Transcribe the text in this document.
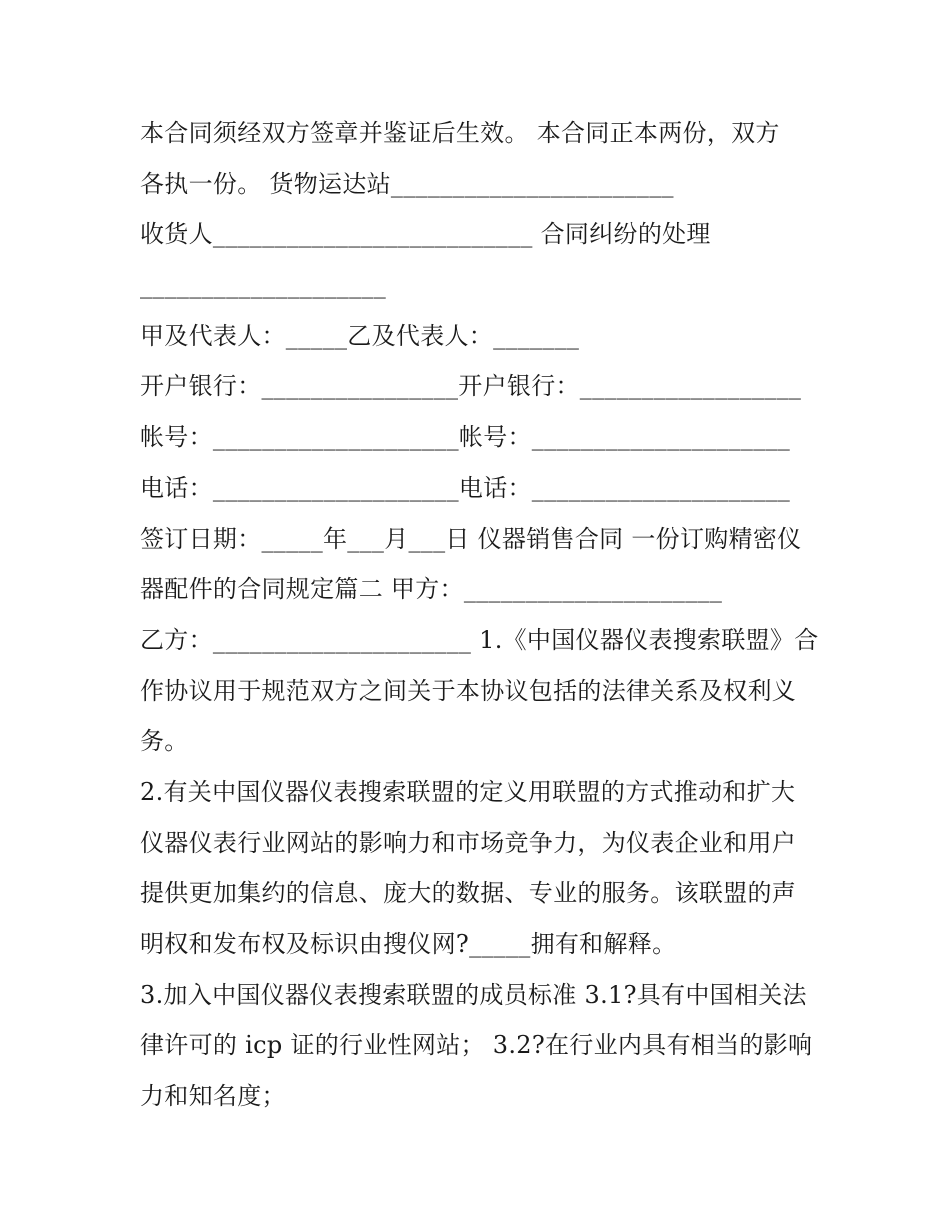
本合同须经双方签章并鉴证后生效。 本合同正本两份，双方
各执一份。 货物运达站_______________________
收货人__________________________ 合同纠纷的处理
____________________
甲及代表人：_____乙及代表人：_______
开户银行：________________开户银行：__________________
帐号：____________________帐号：_____________________
电话：____________________电话：_____________________
签订日期：_____年___月___日 仪器销售合同 一份订购精密仪
器配件的合同规定篇二 甲方：_____________________
乙方：_____________________ 1.《中国仪器仪表搜索联盟》合
作协议用于规范双方之间关于本协议包括的法律关系及权利义
务。
2.有关中国仪器仪表搜索联盟的定义用联盟的方式推动和扩大
仪器仪表行业网站的影响力和市场竞争力，为仪表企业和用户
提供更加集约的信息、庞大的数据、专业的服务。该联盟的声
明权和发布权及标识由搜仪网?_____拥有和解释。
3.加入中国仪器仪表搜索联盟的成员标准 3.1?具有中国相关法
律许可的 icp 证的行业性网站； 3.2?在行业内具有相当的影响
力和知名度；
